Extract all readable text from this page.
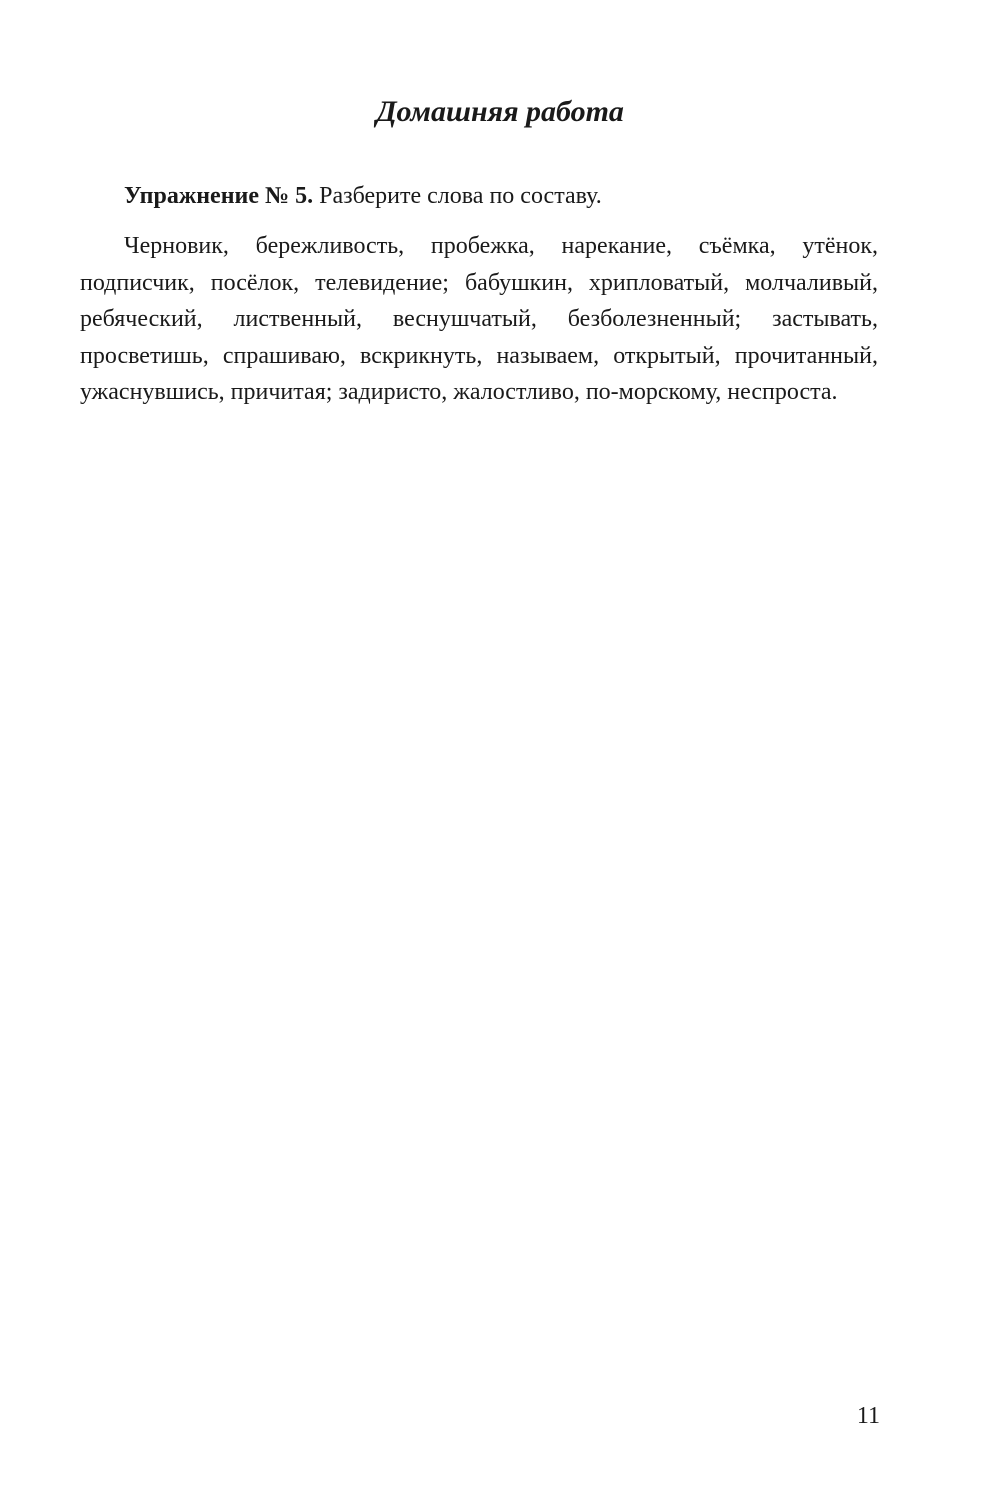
Домашняя работа

Упражнение № 5. Разберите слова по составу.

Черновик, бережливость, пробежка, нарекание, съёмка, утёнок, подписчик, посёлок, телевидение; бабушкин, хрипловатый, молчаливый, ребяческий, лиственный, веснушчатый, безболезненный; застывать, просветишь, спрашиваю, вскрикнуть, называем, открытый, прочитанный, ужаснувшись, причитая; задиристо, жалостливо, по-морскому, неспроста.

11
